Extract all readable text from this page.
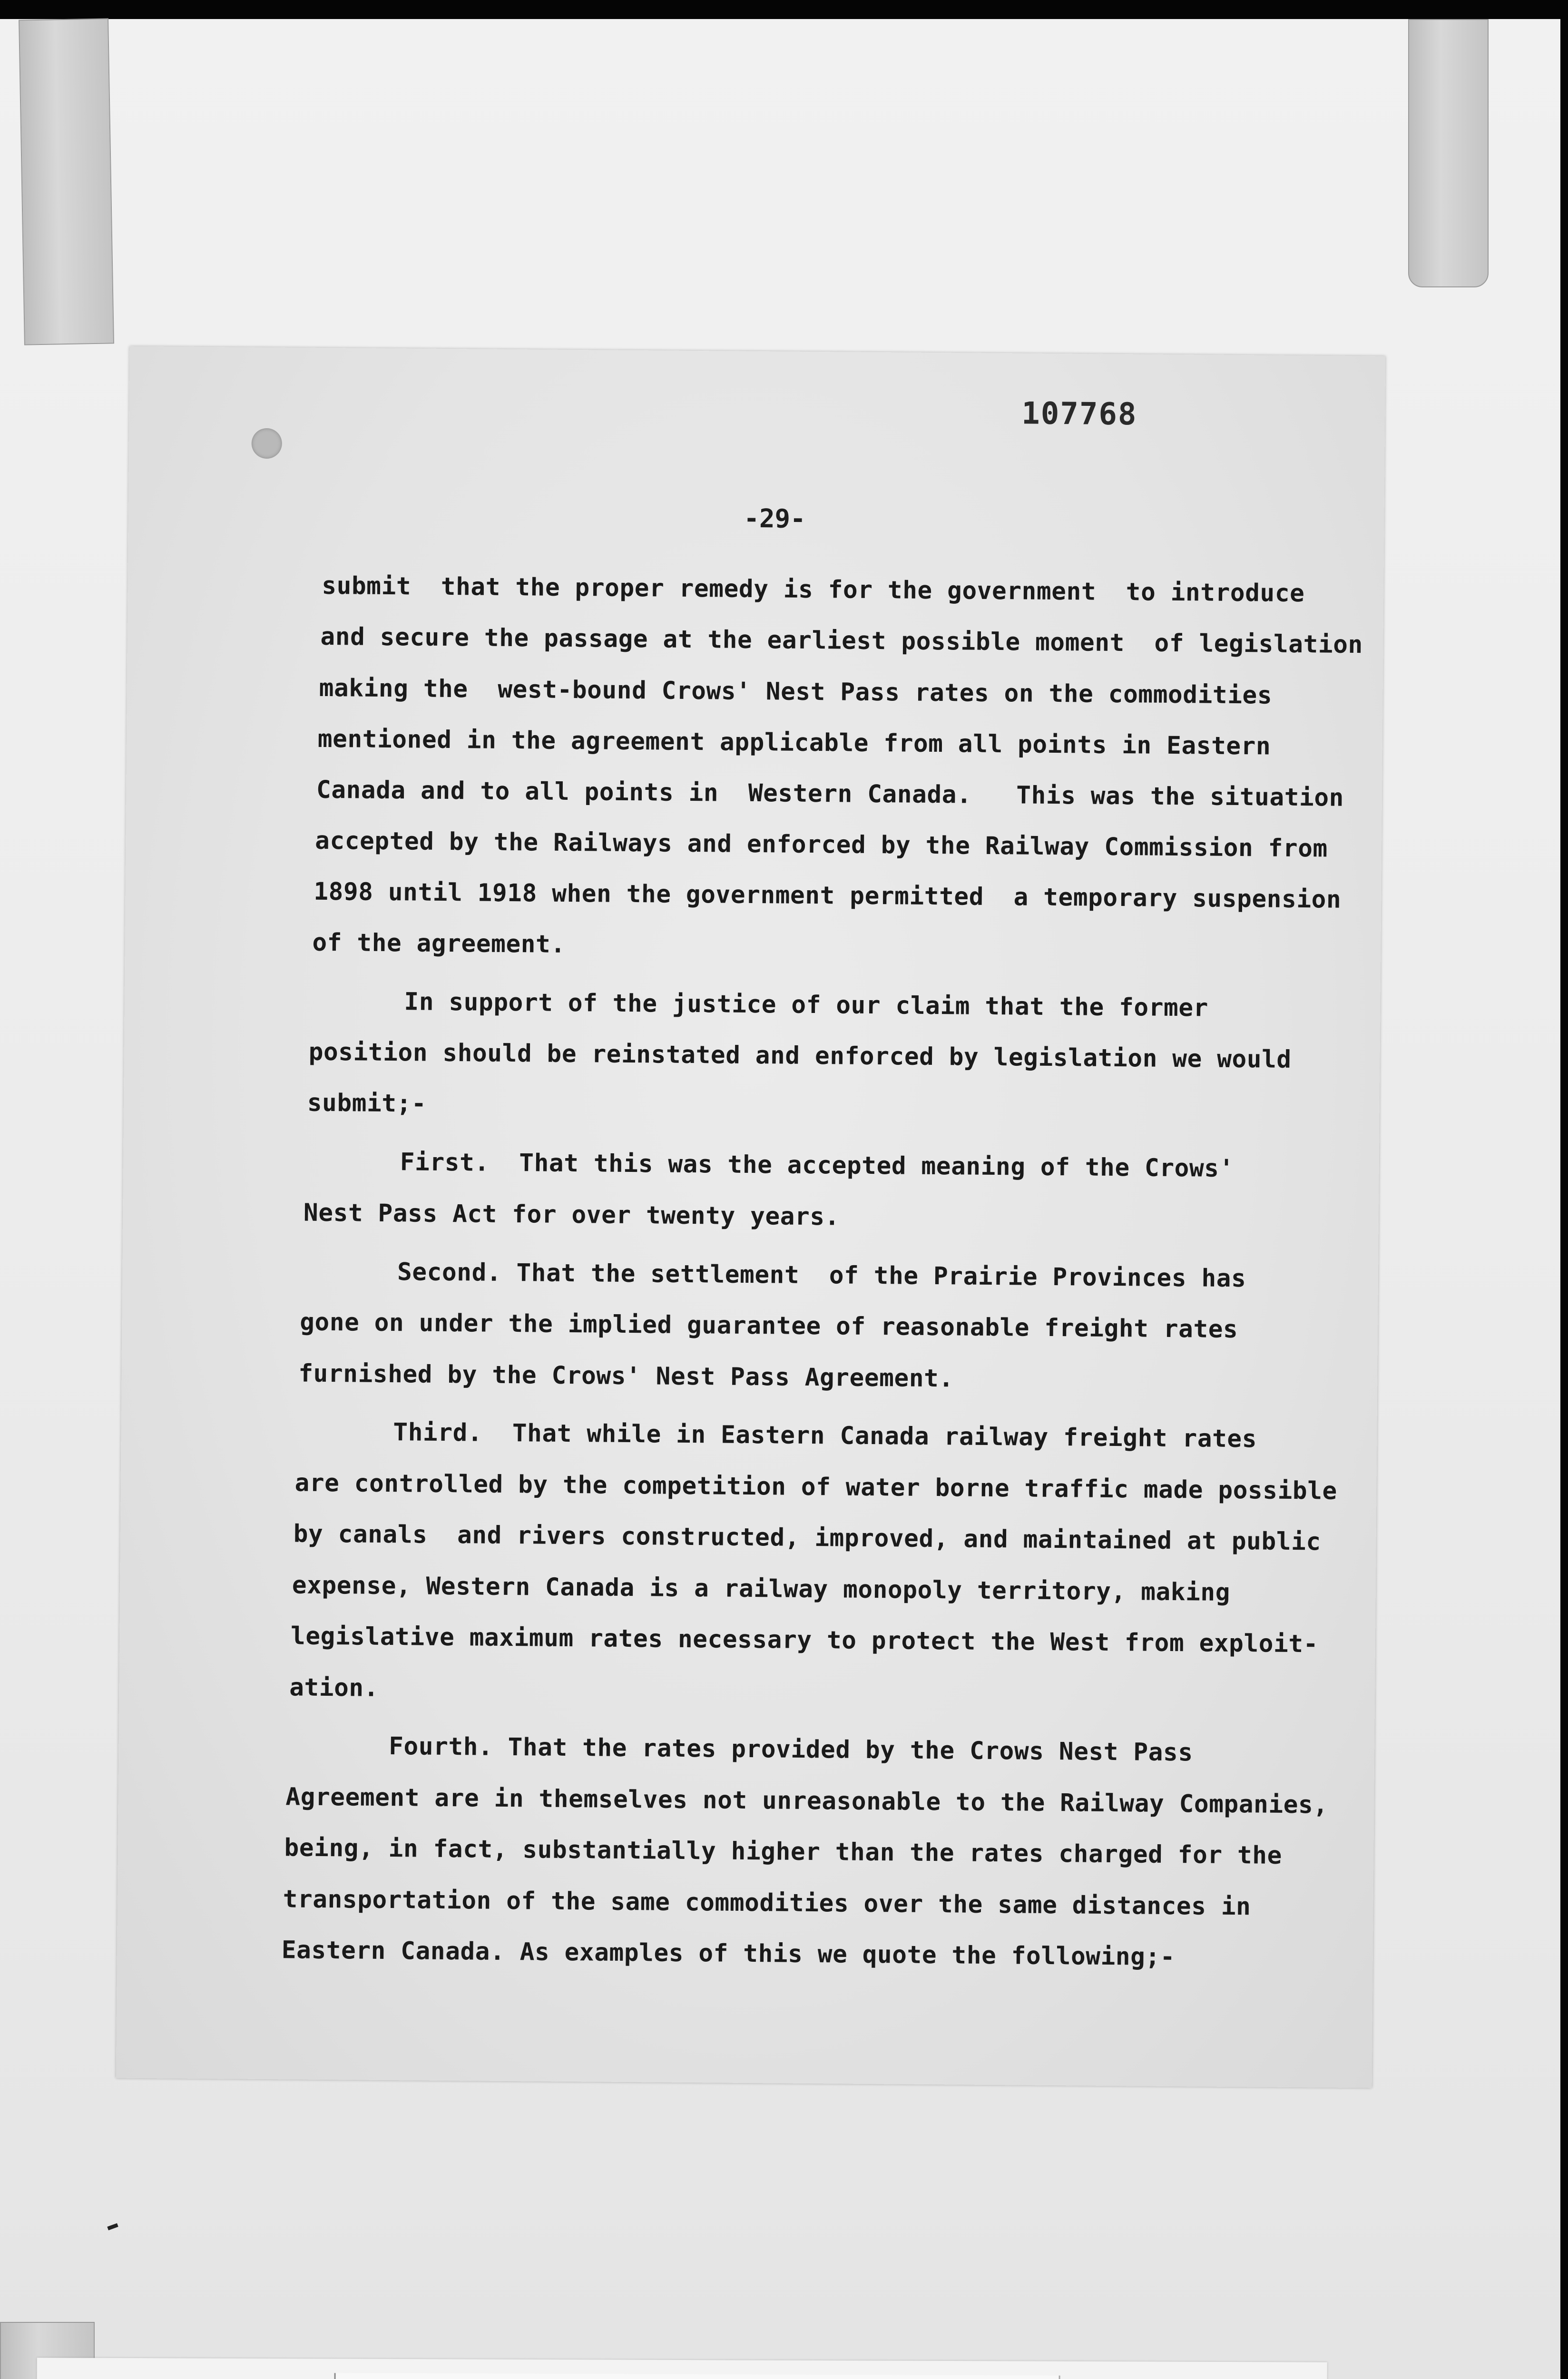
107768
-29-
submit  that the proper remedy is for the government  to introduce
and secure the passage at the earliest possible moment  of legislation
making the  west-bound Crows' Nest Pass rates on the commodities
mentioned in the agreement applicable from all points in Eastern
Canada and to all points in  Western Canada.   This was the situation
accepted by the Railways and enforced by the Railway Commission from
1898 until 1918 when the government permitted  a temporary suspension
of the agreement.
In support of the justice of our claim that the former
position should be reinstated and enforced by legislation we would
submit;-
First.  That this was the accepted meaning of the Crows'
Nest Pass Act for over twenty years.
Second. That the settlement  of the Prairie Provinces has
gone on under the implied guarantee of reasonable freight rates
furnished by the Crows' Nest Pass Agreement.
Third.  That while in Eastern Canada railway freight rates
are controlled by the competition of water borne traffic made possible
by canals  and rivers constructed, improved, and maintained at public
expense, Western Canada is a railway monopoly territory, making
legislative maximum rates necessary to protect the West from exploit-
ation.
Fourth. That the rates provided by the Crows Nest Pass
Agreement are in themselves not unreasonable to the Railway Companies,
being, in fact, substantially higher than the rates charged for the
transportation of the same commodities over the same distances in
Eastern Canada. As examples of this we quote the following;-
